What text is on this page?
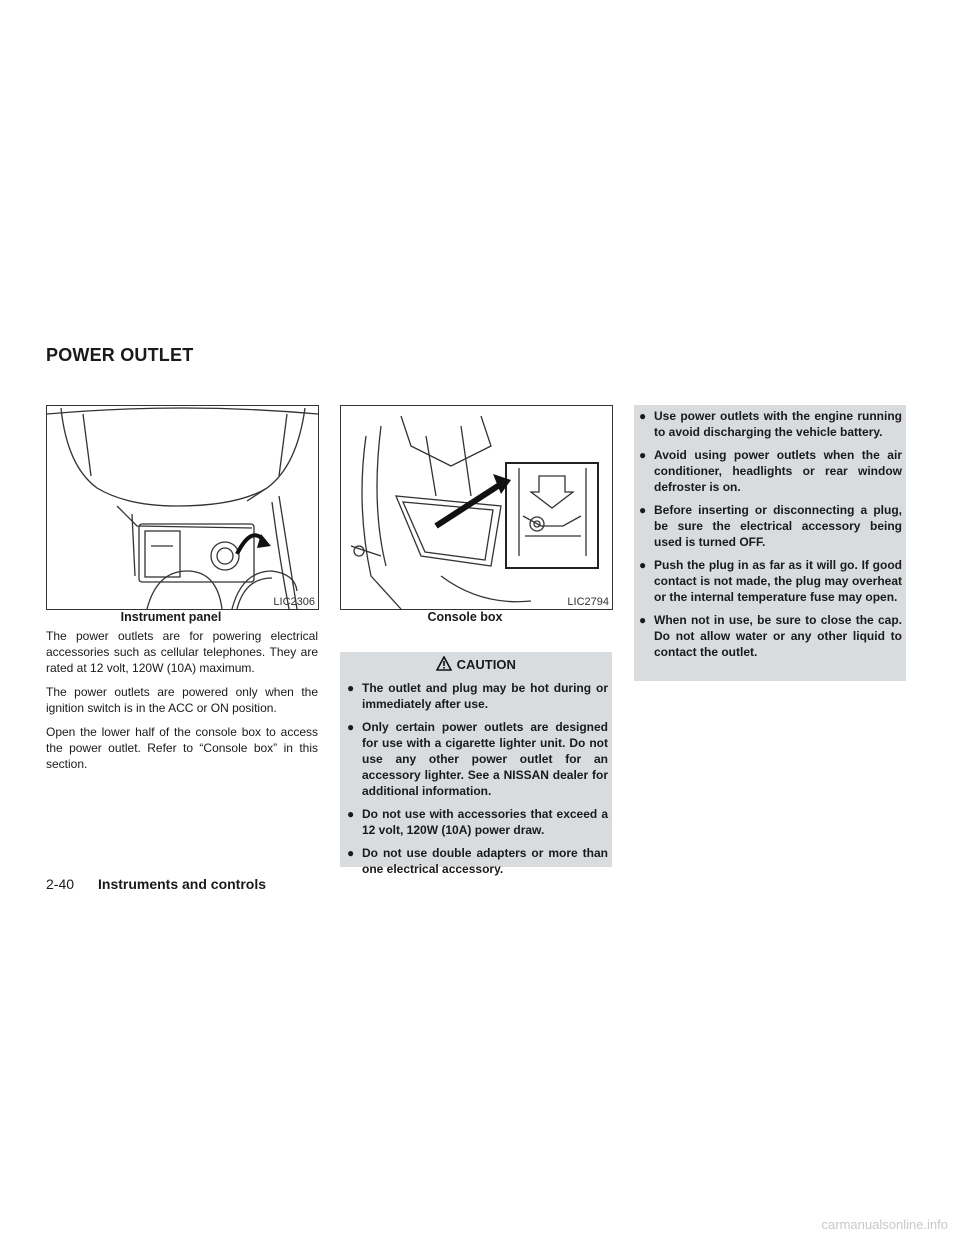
POWER OUTLET
LIC2306
Instrument panel
LIC2794
Console box

The power outlets are for powering electrical accessories such as cellular telephones. They are rated at 12 volt, 120W (10A) maximum.

The power outlets are powered only when the ignition switch is in the ACC or ON position.

Open the lower half of the console box to access the power outlet. Refer to “Console box” in this section.

CAUTION
● The outlet and plug may be hot during or immediately after use.
● Only certain power outlets are designed for use with a cigarette lighter unit. Do not use any other power outlet for an accessory lighter. See a NISSAN dealer for additional information.
● Do not use with accessories that exceed a 12 volt, 120W (10A) power draw.
● Do not use double adapters or more than one electrical accessory.
● Use power outlets with the engine running to avoid discharging the vehicle battery.
● Avoid using power outlets when the air conditioner, headlights or rear window defroster is on.
● Before inserting or disconnecting a plug, be sure the electrical accessory being used is turned OFF.
● Push the plug in as far as it will go. If good contact is not made, the plug may overheat or the internal temperature fuse may open.
● When not in use, be sure to close the cap. Do not allow water or any other liquid to contact the outlet.
2-40 Instruments and controls
carmanualsonline.info
